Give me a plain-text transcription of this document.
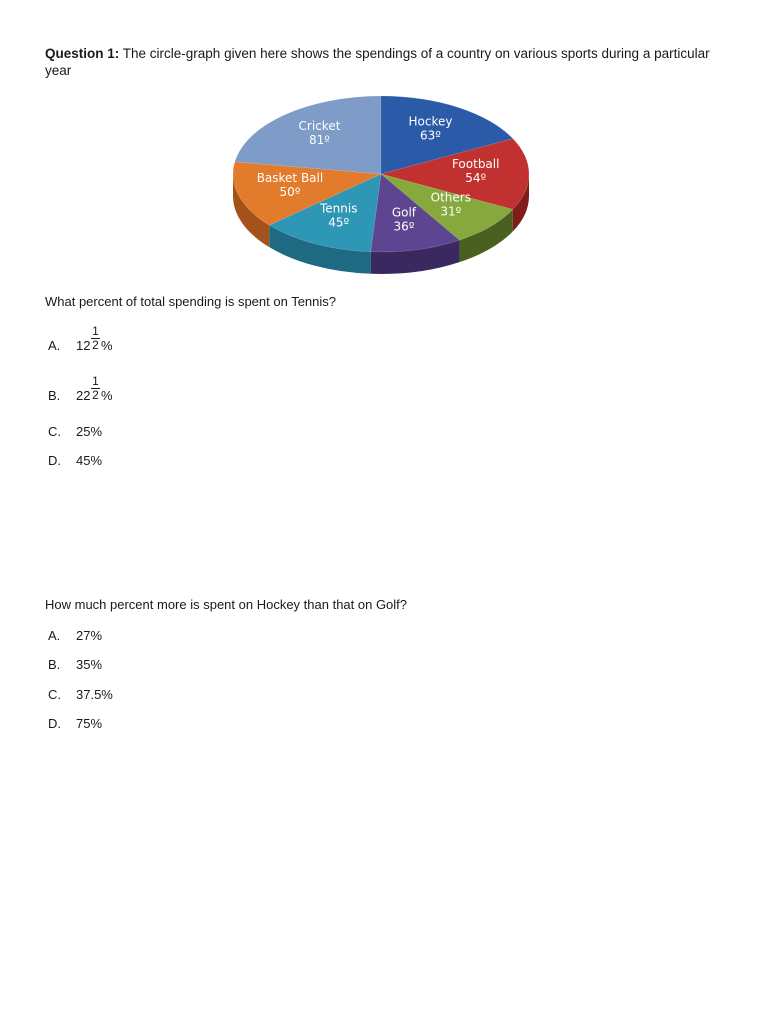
Question 1: The circle-graph given here shows the spendings of a country on various sports during a particular year
Hockey 63º
Football 54º
Others 31º
Golf 36º
Tennis 45º
Basket Ball 50º
Cricket 81º
What percent of total spending is spent on Tennis?
A. 12
1
2 %
B. 22
1
2 %
C.	25%
D.	45%
How much percent more is spent on Hockey than that on Golf?
A.	27%
B.	35%
C.	37.5%
D.	75%
